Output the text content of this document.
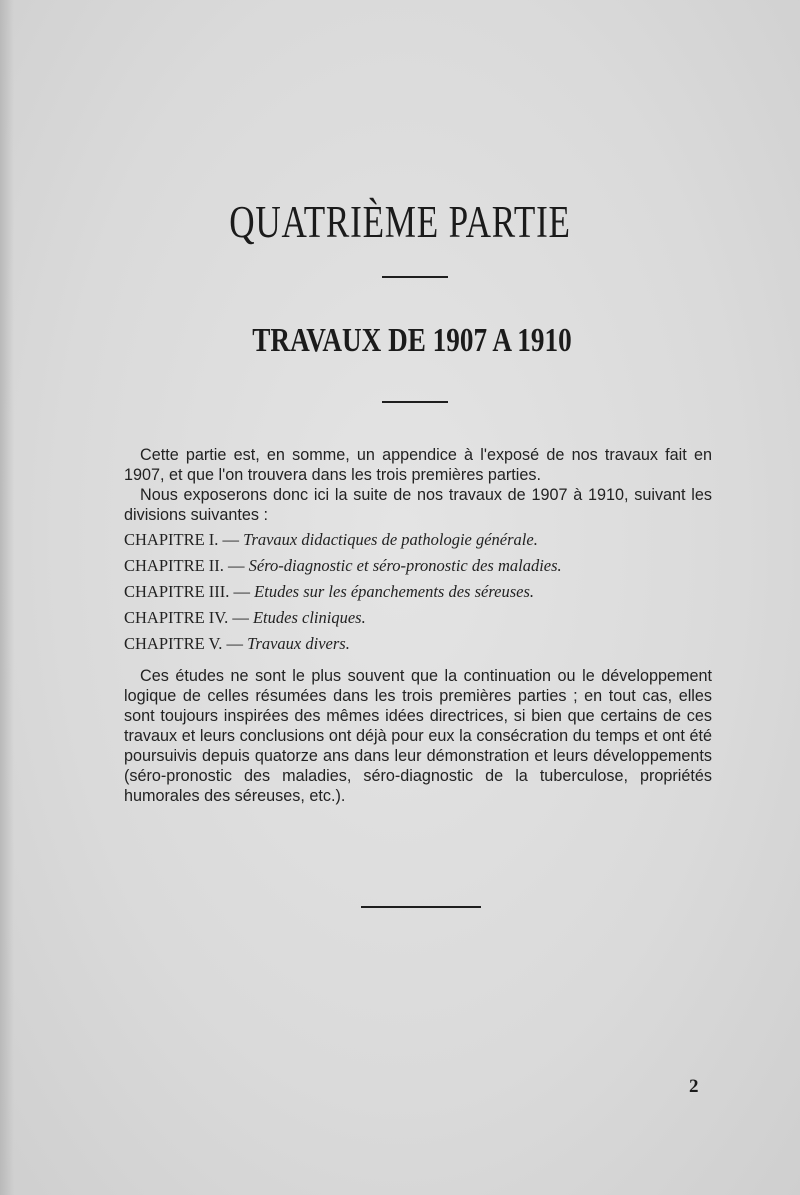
QUATRIÈME PARTIE
TRAVAUX DE 1907 A 1910

Cette partie est, en somme, un appendice à l'exposé de nos travaux fait en 1907, et que l'on trouvera dans les trois premières parties.

Nous exposerons donc ici la suite de nos travaux de 1907 à 1910, suivant les divisions suivantes :

CHAPITRE I. — Travaux didactiques de pathologie générale.
CHAPITRE II. — Séro-diagnostic et séro-pronostic des maladies.
CHAPITRE III. — Etudes sur les épanchements des séreuses.
CHAPITRE IV. — Etudes cliniques.
CHAPITRE V. — Travaux divers.

Ces études ne sont le plus souvent que la continuation ou le développement logique de celles résumées dans les trois premières parties ; en tout cas, elles sont toujours inspirées des mêmes idées directrices, si bien que certains de ces travaux et leurs conclusions ont déjà pour eux la consécration du temps et ont été poursuivis depuis quatorze ans dans leur démonstration et leurs développements (séro-pronostic des maladies, séro-diagnostic de la tuberculose, propriétés humorales des séreuses, etc.).

2
